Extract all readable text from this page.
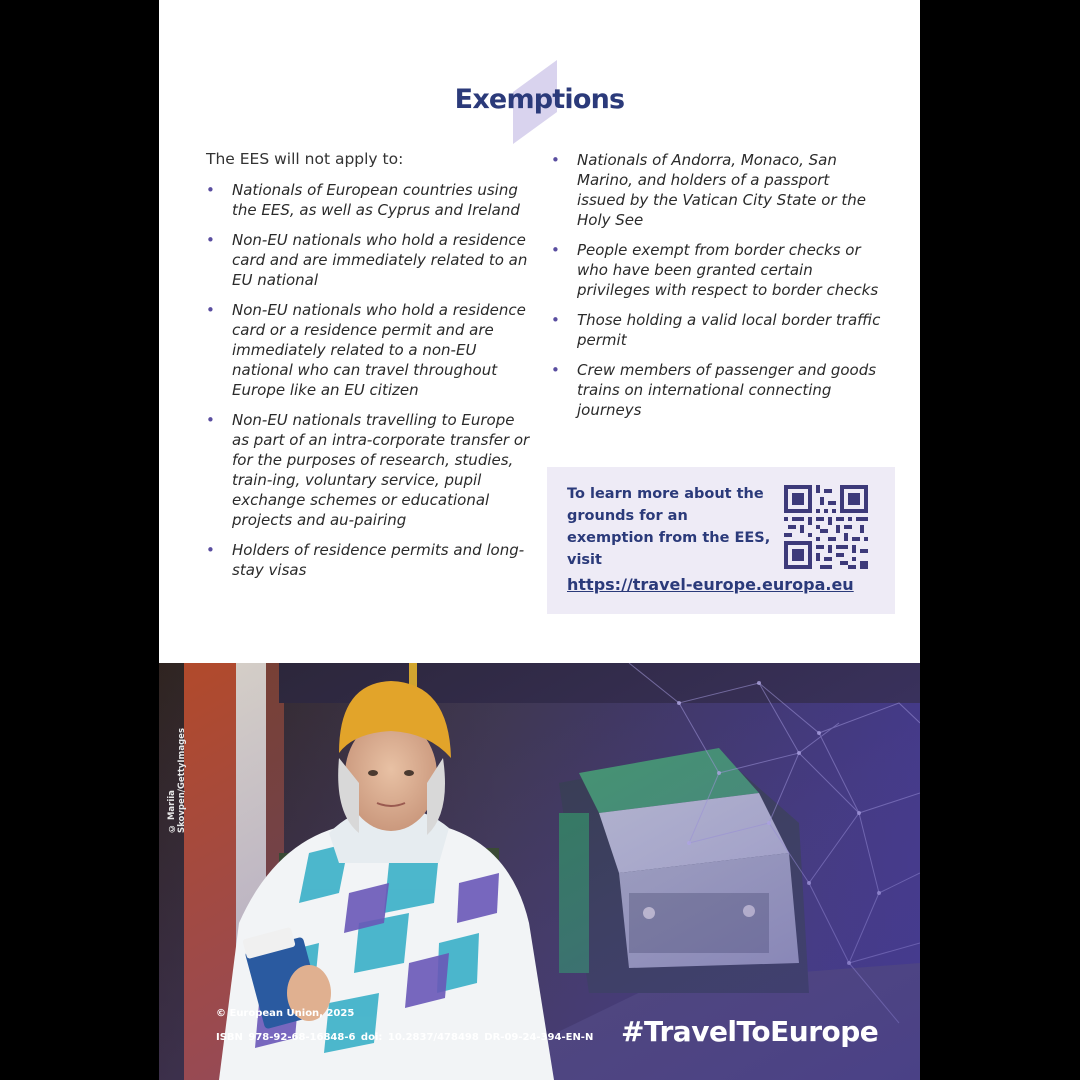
Exemptions

The EES will not apply to:

• Nationals of European countries using the EES, as well as Cyprus and Ireland
• Non-EU nationals who hold a residence card and are immediately related to an EU national
• Non-EU nationals who hold a residence card or a residence permit and are immediately related to a non-EU national who can travel throughout Europe like an EU citizen
• Non-EU nationals travelling to Europe as part of an intra-corporate transfer or for the purposes of research, studies, train-ing, voluntary service, pupil exchange schemes or educational projects and au-pairing
• Holders of residence permits and long-stay visas
• Nationals of Andorra, Monaco, San Marino, and holders of a passport issued by the Vatican City State or the Holy See
• People exempt from border checks or who have been granted certain privileges with respect to border checks
• Those holding a valid local border traffic permit
• Crew members of passenger and goods trains on international connecting journeys

To learn more about the grounds for an exemption from the EES, visit

https://travel-europe.europa.eu
© Mariia Skovpen/GettyImages
© European Union, 2025
ISBN 978-92-68-16848-6 doi: 10.2837/478498 DR-09-24-394-EN-N #TravelToEurope
